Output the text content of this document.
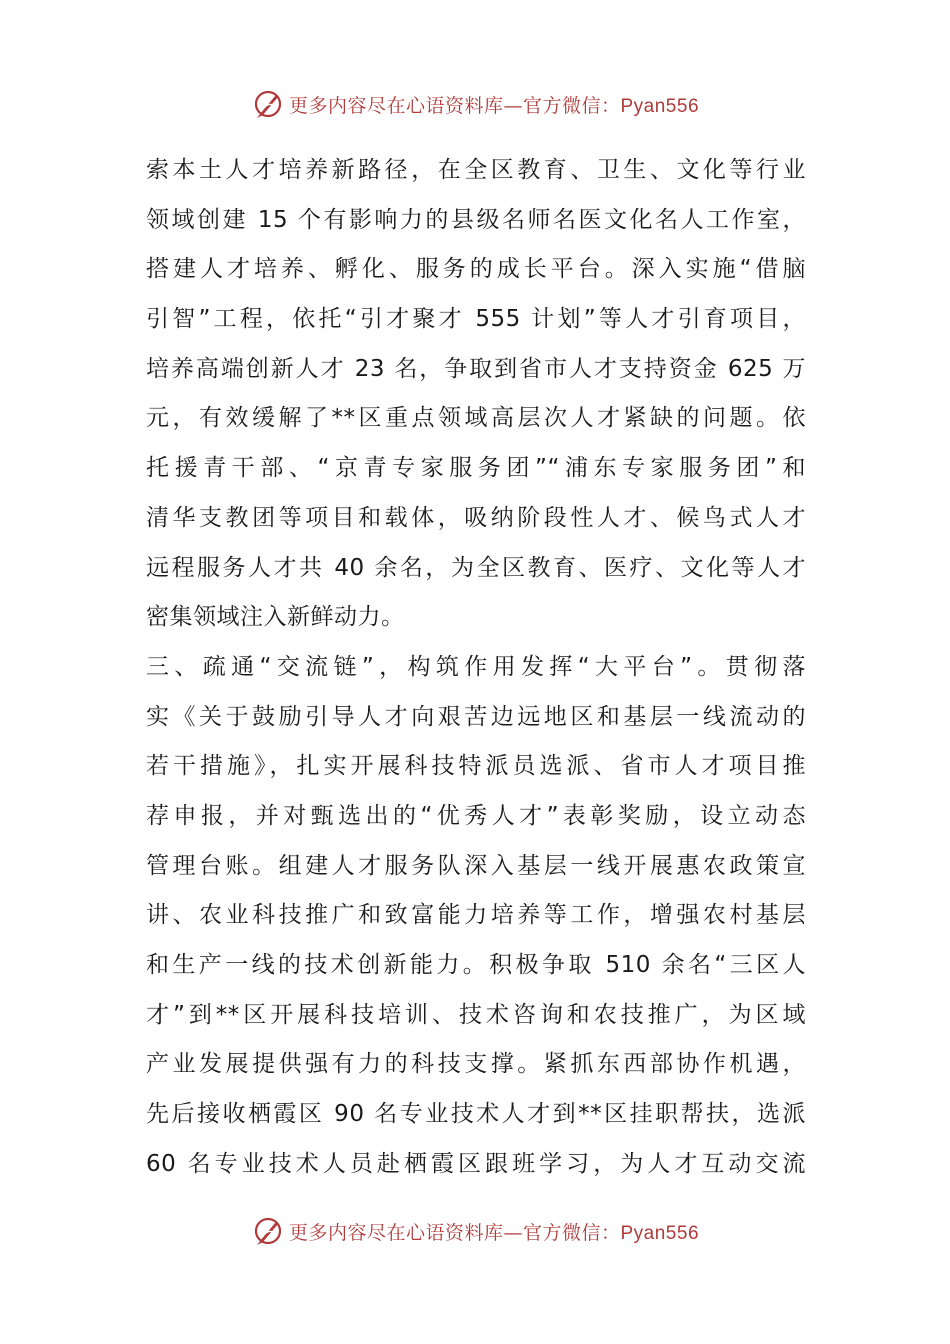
更多内容尽在心语资料库—官方微信：Pyan556
索本土人才培养新路径，在全区教育、卫生、文化等行业
领域创建 15 个有影响力的县级名师名医文化名人工作室，
搭建人才培养、孵化、服务的成长平台。深入实施“借脑
引智”工程，依托“引才聚才 555 计划”等人才引育项目，
培养高端创新人才 23 名，争取到省市人才支持资金 625 万
元，有效缓解了**区重点领域高层次人才紧缺的问题。依
托援青干部、“京青专家服务团”“浦东专家服务团”和
清华支教团等项目和载体，吸纳阶段性人才、候鸟式人才
远程服务人才共 40 余名，为全区教育、医疗、文化等人才
密集领域注入新鲜动力。
三、疏通“交流链”，构筑作用发挥“大平台”。贯彻落
实《关于鼓励引导人才向艰苦边远地区和基层一线流动的
若干措施》，扎实开展科技特派员选派、省市人才项目推
荐申报，并对甄选出的“优秀人才”表彰奖励，设立动态
管理台账。组建人才服务队深入基层一线开展惠农政策宣
讲、农业科技推广和致富能力培养等工作，增强农村基层
和生产一线的技术创新能力。积极争取 510 余名“三区人
才”到**区开展科技培训、技术咨询和农技推广，为区域
产业发展提供强有力的科技支撑。紧抓东西部协作机遇，
先后接收栖霞区 90 名专业技术人才到**区挂职帮扶，选派
60 名专业技术人员赴栖霞区跟班学习，为人才互动交流
更多内容尽在心语资料库—官方微信：Pyan556
